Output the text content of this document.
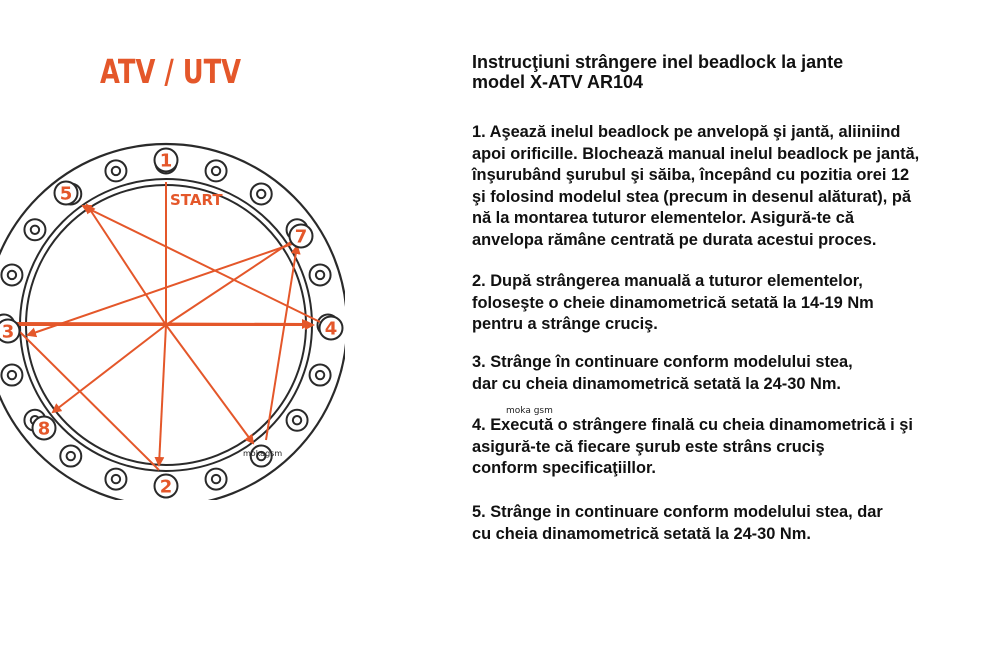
ATV / UTV
1
2
3	4
5
7
8
START
mokagsm
Instrucţiuni strângere inel beadlock la jante
model X-ATV AR104
1. Aşează inelul beadlock pe anvelopă şi jantă, aliiniind
apoi orificille. Blochează manual inelul beadlock pe jantă,
înşurubând şurubul şi săiba, începând cu pozitia orei 12
şi folosind modelul stea (precum in desenul alăturat), pă
nă la montarea tuturor elementelor. Asigură-te că
anvelopa rămâne centrată pe durata acestui proces.
2. După strângerea manuală a tuturor elementelor,
foloseşte o cheie dinamometrică setată la 14-19 Nm
pentru a strânge cruciş.
3. Strânge în continuare conform modelului stea,
dar cu cheia dinamometrică setată la 24-30 Nm.
4. Execută o strângere finală cu cheia dinamometrică i şi
asigură-te că fiecare şurub este strâns cruciş
conform specificaţiillor.
5. Strânge in continuare conform modelului stea, dar
cu cheia dinamometrică setată la 24-30 Nm.
moka gsm
